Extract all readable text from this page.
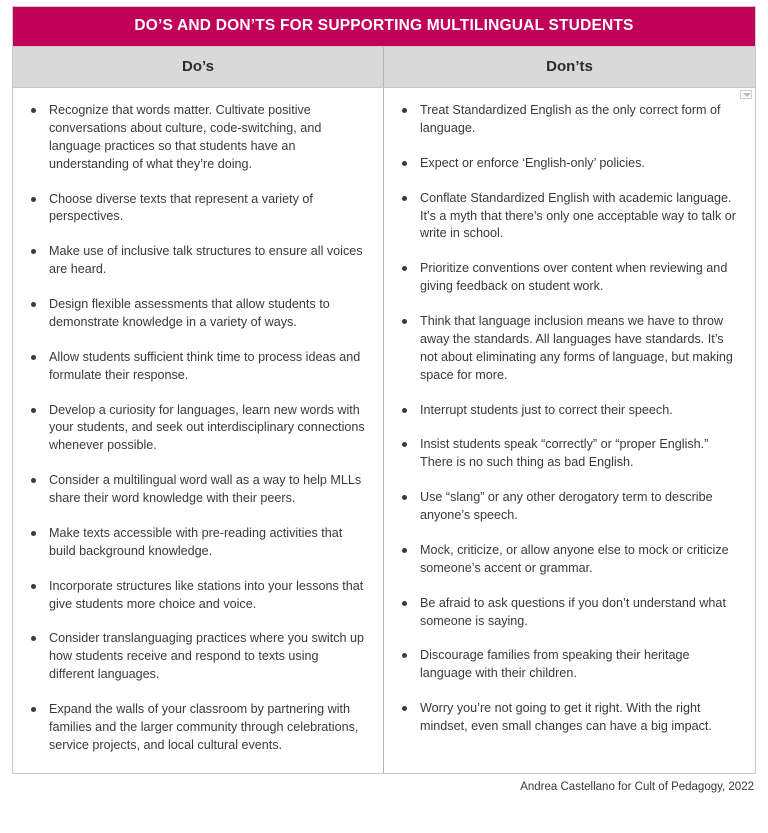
DO’S AND DON’TS FOR SUPPORTING MULTILINGUAL STUDENTS
Do’s	Don’ts
Recognize that words matter. Cultivate positive conversations about culture, code-switching, and language practices so that students have an understanding of what they’re doing.
Choose diverse texts that represent a variety of perspectives.
Make use of inclusive talk structures to ensure all voices are heard.
Design flexible assessments that allow students to demonstrate knowledge in a variety of ways.
Allow students sufficient think time to process ideas and formulate their response.
Develop a curiosity for languages, learn new words with your students, and seek out interdisciplinary connections whenever possible.
Consider a multilingual word wall as a way to help MLLs share their word knowledge with their peers.
Make texts accessible with pre-reading activities that build background knowledge.
Incorporate structures like stations into your lessons that give students more choice and voice.
Consider translanguaging practices where you switch up how students receive and respond to texts using different languages.
Expand the walls of your classroom by partnering with families and the larger community through celebrations, service projects, and local cultural events.
Treat Standardized English as the only correct form of language.
Expect or enforce ‘English-only’ policies.
Conflate Standardized English with academic language. It’s a myth that there’s only one acceptable way to talk or write in school.
Prioritize conventions over content when reviewing and giving feedback on student work.
Think that language inclusion means we have to throw away the standards. All languages have standards. It’s not about eliminating any forms of language, but making space for more.
Interrupt students just to correct their speech.
Insist students speak “correctly” or “proper English.” There is no such thing as bad English.
Use “slang” or any other derogatory term to describe anyone’s speech.
Mock, criticize, or allow anyone else to mock or criticize someone’s accent or grammar.
Be afraid to ask questions if you don’t understand what someone is saying.
Discourage families from speaking their heritage language with their children.
Worry you’re not going to get it right. With the right mindset, even small changes can have a big impact.
Andrea Castellano for Cult of Pedagogy, 2022
